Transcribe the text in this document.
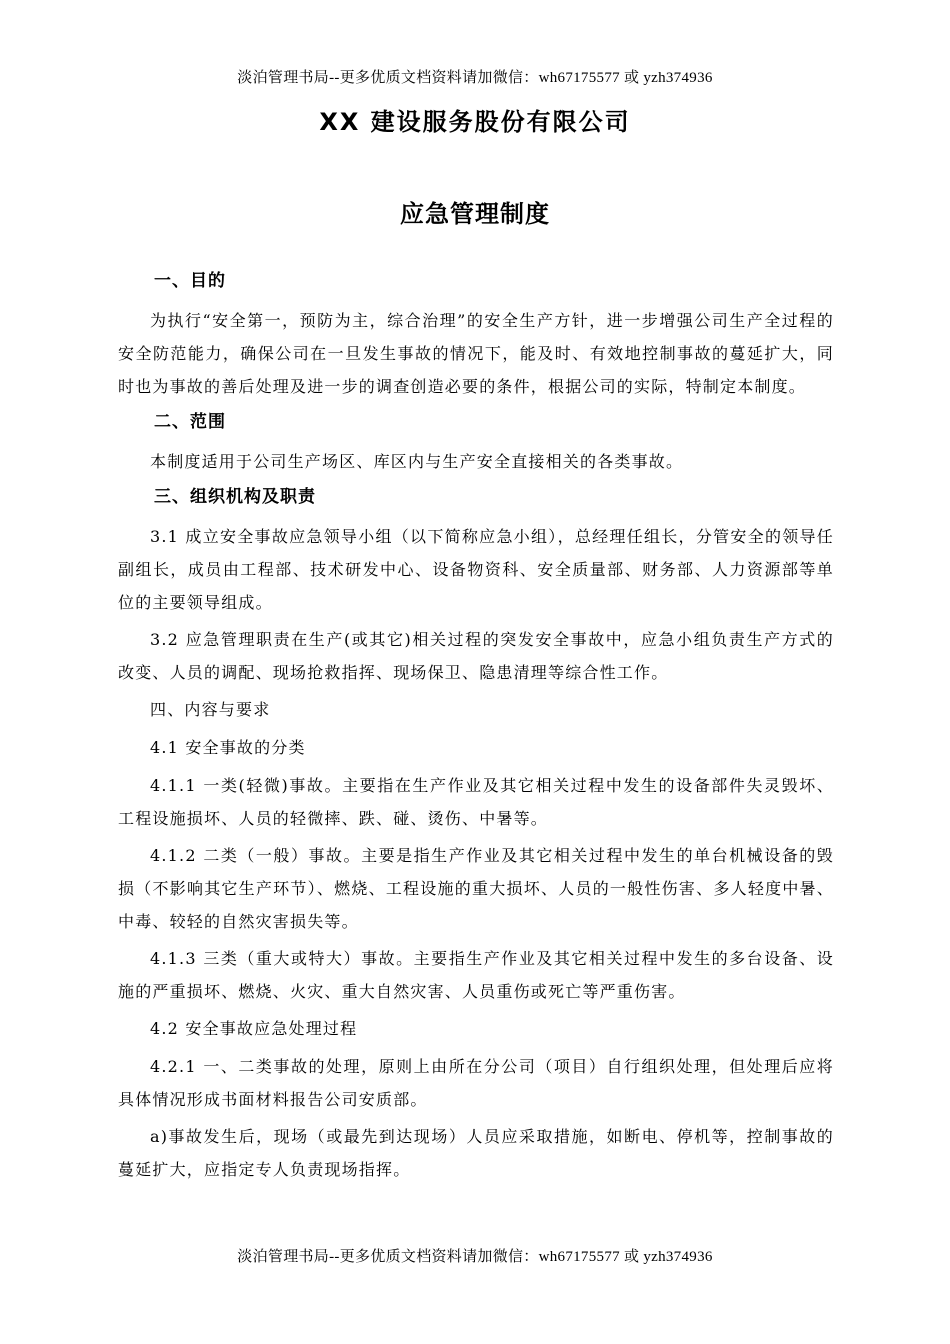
淡泊管理书局--更多优质文档资料请加微信：wh67175577 或 yzh374936
XX 建设服务股份有限公司
应急管理制度
一、目的

为执行“安全第一，预防为主，综合治理”的安全生产方针，进一步增强公司生产全过程的安全防范能力，确保公司在一旦发生事故的情况下，能及时、有效地控制事故的蔓延扩大，同时也为事故的善后处理及进一步的调查创造必要的条件，根据公司的实际，特制定本制度。

二、范围

本制度适用于公司生产场区、库区内与生产安全直接相关的各类事故。

三、组织机构及职责

3.1 成立安全事故应急领导小组（以下简称应急小组），总经理任组长，分管安全的领导任副组长，成员由工程部、技术研发中心、设备物资科、安全质量部、财务部、人力资源部等单位的主要领导组成。

3.2 应急管理职责在生产(或其它)相关过程的突发安全事故中，应急小组负责生产方式的改变、人员的调配、现场抢救指挥、现场保卫、隐患清理等综合性工作。

四、内容与要求

4.1 安全事故的分类

4.1.1 一类(轻微)事故。主要指在生产作业及其它相关过程中发生的设备部件失灵毁坏、工程设施损坏、人员的轻微摔、跌、碰、烫伤、中暑等。

4.1.2 二类（一般）事故。主要是指生产作业及其它相关过程中发生的单台机械设备的毁损（不影响其它生产环节）、燃烧、工程设施的重大损坏、人员的一般性伤害、多人轻度中暑、中毒、较轻的自然灾害损失等。

4.1.3 三类（重大或特大）事故。主要指生产作业及其它相关过程中发生的多台设备、设施的严重损坏、燃烧、火灾、重大自然灾害、人员重伤或死亡等严重伤害。

4.2 安全事故应急处理过程

4.2.1 一、二类事故的处理，原则上由所在分公司（项目）自行组织处理，但处理后应将具体情况形成书面材料报告公司安质部。

a)事故发生后，现场（或最先到达现场）人员应采取措施，如断电、停机等，控制事故的蔓延扩大，应指定专人负责现场指挥。

淡泊管理书局--更多优质文档资料请加微信：wh67175577 或 yzh374936
